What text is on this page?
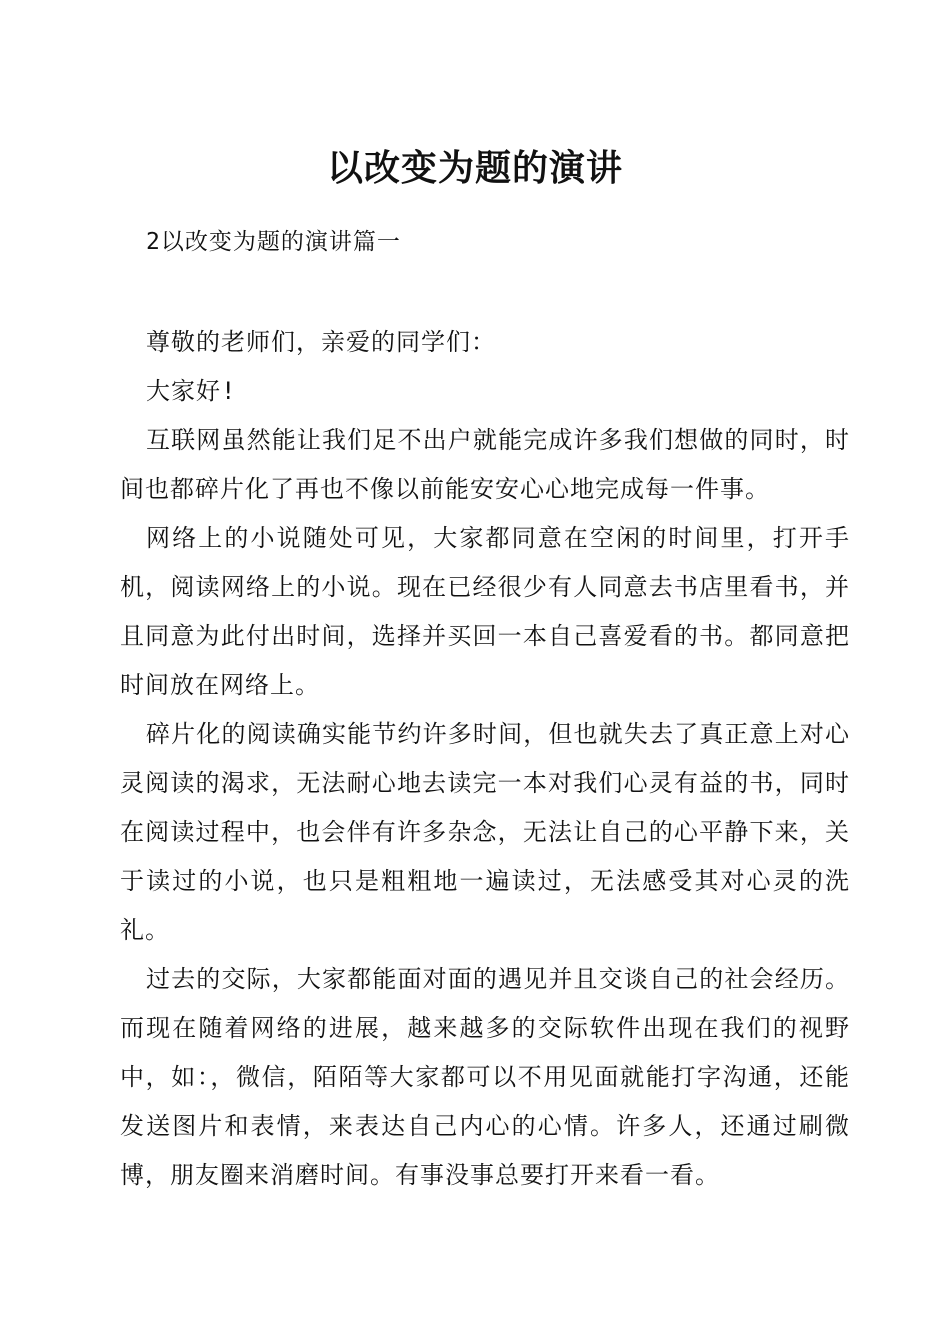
以改变为题的演讲
2以改变为题的演讲篇一

尊敬的老师们，亲爱的同学们：

大家好!

互联网虽然能让我们足不出户就能完成许多我们想做的同时，时间也都碎片化了再也不像以前能安安心心地完成每一件事。

网络上的小说随处可见，大家都同意在空闲的时间里，打开手机，阅读网络上的小说。现在已经很少有人同意去书店里看书，并且同意为此付出时间，选择并买回一本自己喜爱看的书。都同意把时间放在网络上。

碎片化的阅读确实能节约许多时间，但也就失去了真正意上对心灵阅读的渴求，无法耐心地去读完一本对我们心灵有益的书，同时在阅读过程中，也会伴有许多杂念，无法让自己的心平静下来，关于读过的小说，也只是粗粗地一遍读过，无法感受其对心灵的洗礼。

过去的交际，大家都能面对面的遇见并且交谈自己的社会经历。而现在随着网络的进展，越来越多的交际软件出现在我们的视野中，如：，微信，陌陌等大家都可以不用见面就能打字沟通，还能发送图片和表情，来表达自己内心的心情。许多人，还通过刷微博，朋友圈来消磨时间。有事没事总要打开来看一看。
